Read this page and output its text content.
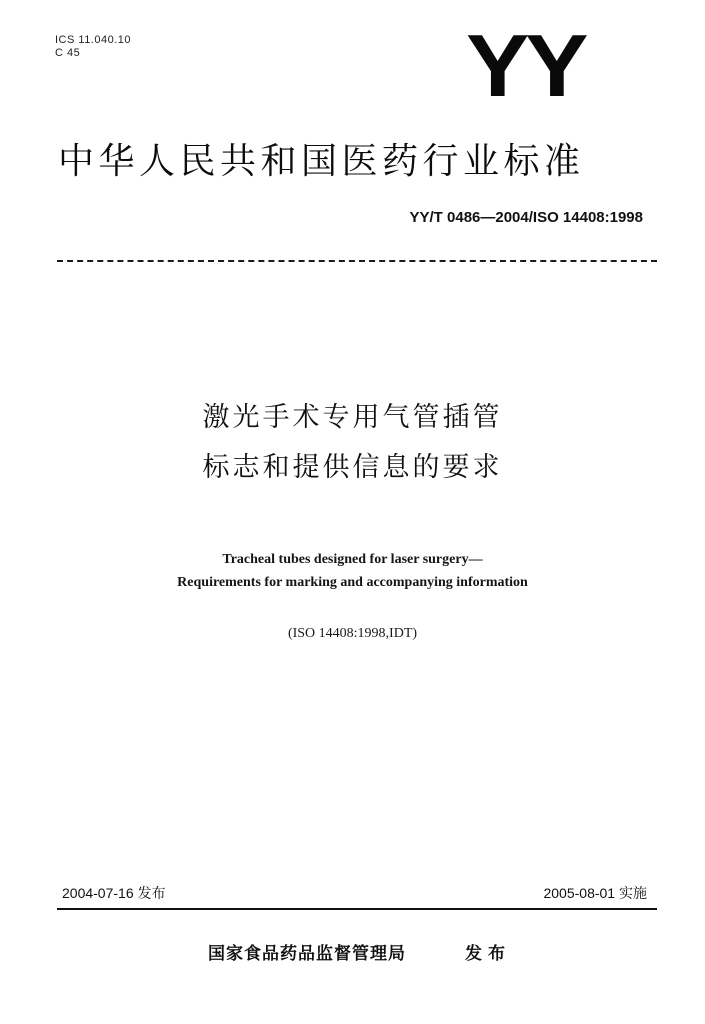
ICS 11.040.10
C 45	YY
中华人民共和国医药行业标准
YY/T 0486—2004/ISO 14408:1998
激光手术专用气管插管
标志和提供信息的要求
Tracheal tubes designed for laser surgery—
Requirements for marking and accompanying information
(ISO 14408:1998,IDT)
2004-07-16 发布	2005-08-01 实施
国家食品药品监督管理局	发布
